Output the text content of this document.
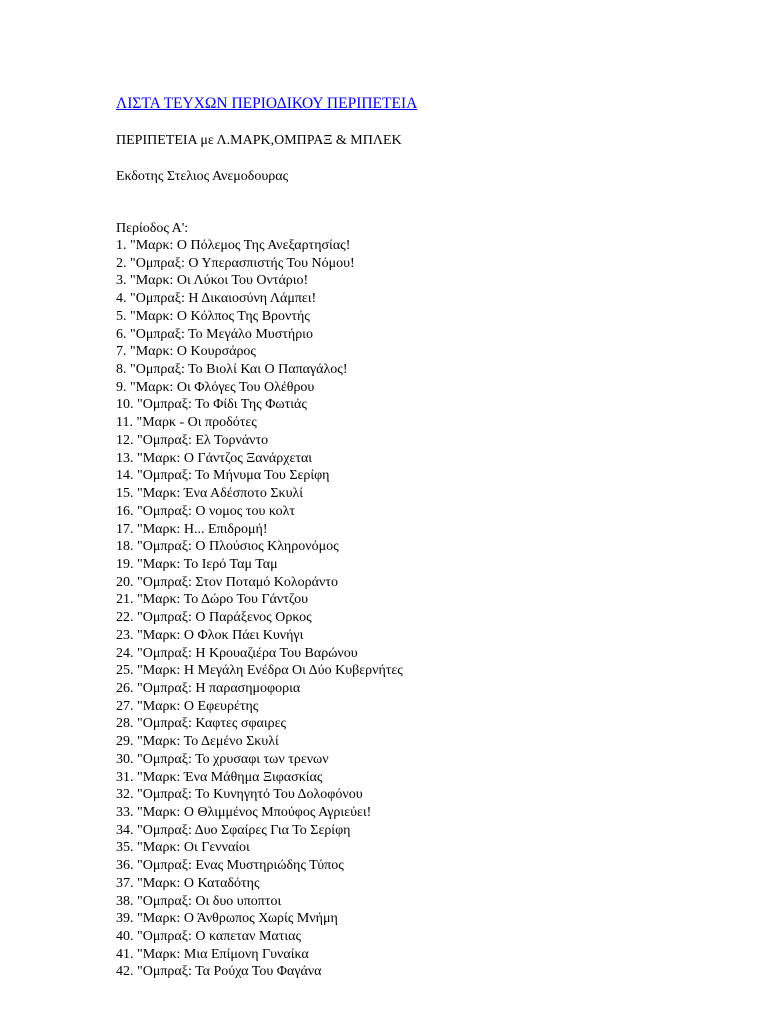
ΛΙΣΤΑ ΤΕΥΧΩΝ ΠΕΡΙΟΔΙΚΟΥ ΠΕΡΙΠΕΤΕΙΑ
ΠΕΡΙΠΕΤΕΙΑ με Λ.ΜΑΡΚ,ΟΜΠΡΑΞ & ΜΠΛΕΚ
Εκδοτης Στελιος Ανεμοδουρας
Περίοδος Α':
1. "Μαρκ: Ο Πόλεμος Της Ανεξαρτησίας!
2. "Ομπραξ: Ο Υπερασπιστής Του Νόμου!
3. "Μαρκ: Οι Λύκοι Του Οντάριο!
4. "Ομπραξ: Η Δικαιοσύνη Λάμπει!
5. "Μαρκ: Ο Κόλπος Της Βροντής
6. "Ομπραξ: Το Μεγάλο Μυστήριο
7. "Μαρκ: Ο Κουρσάρος
8. "Ομπραξ: Το Βιολί Και Ο Παπαγάλος!
9. "Μαρκ: Οι Φλόγες Του Ολέθρου
10. "Ομπραξ: Το Φίδι Της Φωτιάς
11. "Μαρκ - Οι προδότες
12. "Ομπραξ: Ελ Τορνάντο
13. "Μαρκ: Ο Γάντζος Ξανάρχεται
14. "Ομπραξ: Το Μήνυμα Του Σερίφη
15. "Μαρκ: Ένα Αδέσποτο Σκυλί
16. "Ομπραξ: Ο νομος του κολτ
17. "Μαρκ: Η... Επιδρομή!
18. "Ομπραξ: Ο Πλούσιος Κληρονόμος
19. "Μαρκ: Το Ιερό Ταμ Ταμ
20. "Ομπραξ: Στον Ποταμό Κολοράντο
21. "Μαρκ: Το Δώρο Του Γάντζου
22. "Ομπραξ: Ο Παράξενος Ορκος
23. "Μαρκ: Ο Φλοκ Πάει Κυνήγι
24. "Ομπραξ: Η Κρουαζιέρα Του Βαρώνου
25. "Μαρκ: Η Μεγάλη Ενέδρα Οι Δύο Κυβερνήτες
26. "Ομπραξ: Η παρασημοφορια
27. "Μαρκ: Ο Εφευρέτης
28. "Ομπραξ: Καφτες σφαιρες
29. "Μαρκ: Το Δεμένο Σκυλί
30. "Ομπραξ: Το χρυσαφι των τρενων
31. "Μαρκ: Ένα Μάθημα Ξιφασκίας
32. "Ομπραξ: Το Κυνηγητό Του Δολοφόνου
33. "Μαρκ: Ο Θλιμμένος Μπούφος Αγριεύει!
34. "Ομπραξ: Δυο Σφαίρες Για Το Σερίφη
35. "Μαρκ: Οι Γενναίοι
36. "Ομπραξ: Ενας Μυστηριώδης Τύπος
37. "Μαρκ: Ο Καταδότης
38. "Ομπραξ: Οι δυο υποπτοι
39. "Μαρκ: Ο Άνθρωπος Χωρίς Μνήμη
40. "Ομπραξ: Ο καπεταν Ματιας
41. "Μαρκ: Μια Επίμονη Γυναίκα
42. "Ομπραξ: Τα Ρούχα Του Φαγάνα
